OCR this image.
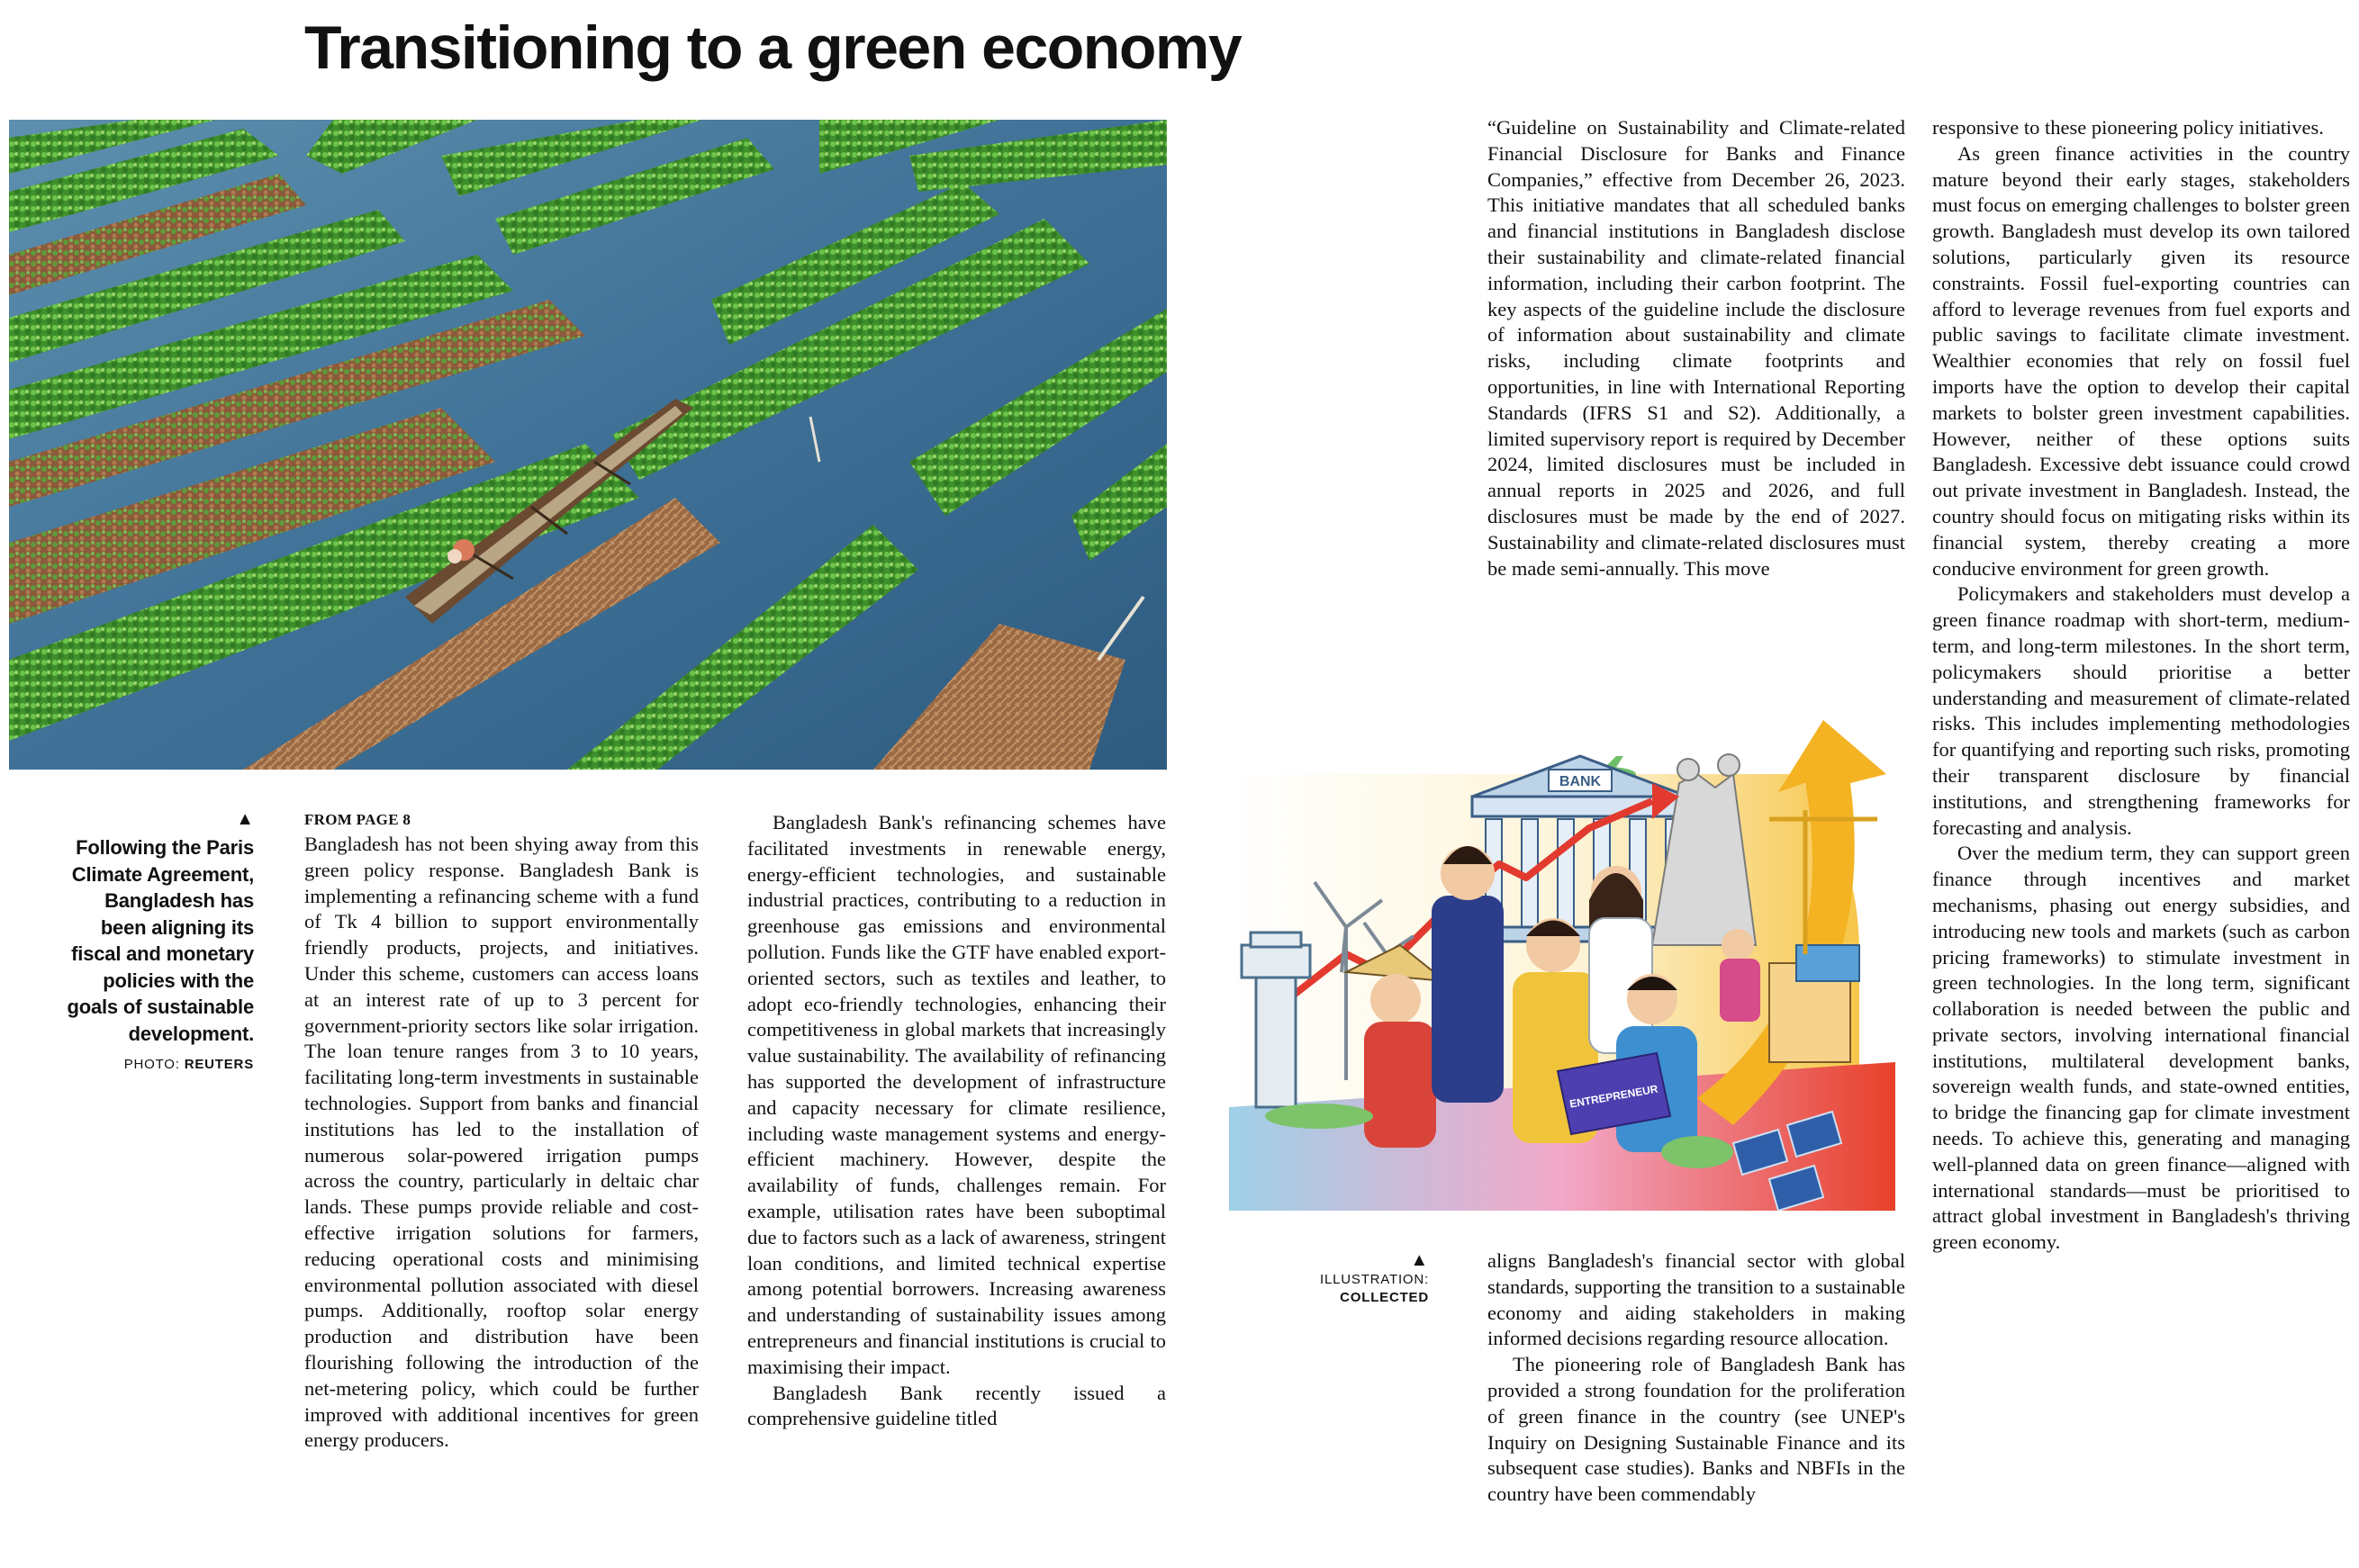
Transitioning to a green economy
▲

Following the Paris Climate Agreement, Bangladesh has been aligning its fiscal and monetary policies with the goals of sustainable development.

PHOTO: REUTERS
FROM PAGE 8

Bangladesh has not been shying away from this green policy response. Bangladesh Bank is implementing a refinancing scheme with a fund of Tk 4 billion to support environmentally friendly products, projects, and initiatives. Under this scheme, customers can access loans at an interest rate of up to 3 percent for government-priority sectors like solar irrigation. The loan tenure ranges from 3 to 10 years, facilitating long-term investments in sustainable technologies. Support from banks and financial institutions has led to the installation of numerous solar-powered irrigation pumps across the country, particularly in deltaic char lands. These pumps provide reliable and cost-effective irrigation solutions for farmers, reducing operational costs and minimising environmental pollution associated with diesel pumps. Additionally, rooftop solar energy production and distribution have been flourishing following the introduction of the net-metering policy, which could be further improved with additional incentives for green energy producers.

Bangladesh Bank's refinancing schemes have facilitated investments in renewable energy, energy-efficient technologies, and sustainable industrial practices, contributing to a reduction in greenhouse gas emissions and environmental pollution. Funds like the GTF have enabled export-oriented sectors, such as textiles and leather, to adopt eco-friendly technologies, enhancing their competitiveness in global markets that increasingly value sustainability. The availability of refinancing has supported the development of infrastructure and capacity necessary for climate resilience, including waste management systems and energy-efficient machinery. However, despite the availability of funds, challenges remain. For example, utilisation rates have been suboptimal due to factors such as a lack of awareness, stringent loan conditions, and limited technical expertise among potential borrowers. Increasing awareness and understanding of sustainability issues among entrepreneurs and financial institutions is crucial to maximising their impact.

Bangladesh Bank recently issued a comprehensive guideline titled

“Guideline on Sustainability and Climate-related Financial Disclosure for Banks and Finance Companies,” effective from December 26, 2023. This initiative mandates that all scheduled banks and financial institutions in Bangladesh disclose their sustainability and climate-related financial information, including their carbon footprint. The key aspects of the guideline include the disclosure of information about sustainability and climate risks, including climate footprints and opportunities, in line with International Reporting Standards (IFRS S1 and S2). Additionally, a limited supervisory report is required by December 2024, limited disclosures must be included in annual reports in 2025 and 2026, and full disclosures must be made by the end of 2027. Sustainability and climate-related disclosures must be made semi-annually. This move

BANK
ENTREPRENEUR
▲
ILLUSTRATION:
COLLECTED

aligns Bangladesh's financial sector with global standards, supporting the transition to a sustainable economy and aiding stakeholders in making informed decisions regarding resource allocation.

The pioneering role of Bangladesh Bank has provided a strong foundation for the proliferation of green finance in the country (see UNEP's Inquiry on Designing Sustainable Finance and its subsequent case studies). Banks and NBFIs in the country have been commendably

responsive to these pioneering policy initiatives.

As green finance activities in the country mature beyond their early stages, stakeholders must focus on emerging challenges to bolster green growth. Bangladesh must develop its own tailored solutions, particularly given its resource constraints. Fossil fuel-exporting countries can afford to leverage revenues from fuel exports and public savings to facilitate climate investment. Wealthier economies that rely on fossil fuel imports have the option to develop their capital markets to bolster green investment capabilities. However, neither of these options suits Bangladesh. Excessive debt issuance could crowd out private investment in Bangladesh. Instead, the country should focus on mitigating risks within its financial system, thereby creating a more conducive environment for green growth.

Policymakers and stakeholders must develop a green finance roadmap with short-term, medium-term, and long-term milestones. In the short term, policymakers should prioritise a better understanding and measurement of climate-related risks. This includes implementing methodologies for quantifying and reporting such risks, promoting their transparent disclosure by financial institutions, and strengthening frameworks for forecasting and analysis.

Over the medium term, they can support green finance through incentives and market mechanisms, phasing out energy subsidies, and introducing new tools and markets (such as carbon pricing frameworks) to stimulate investment in green technologies. In the long term, significant collaboration is needed between the public and private sectors, involving international financial institutions, multilateral development banks, sovereign wealth funds, and state-owned entities, to bridge the financing gap for climate investment needs. To achieve this, generating and managing well-planned data on green finance—aligned with international standards—must be prioritised to attract global investment in Bangladesh's thriving green economy.
